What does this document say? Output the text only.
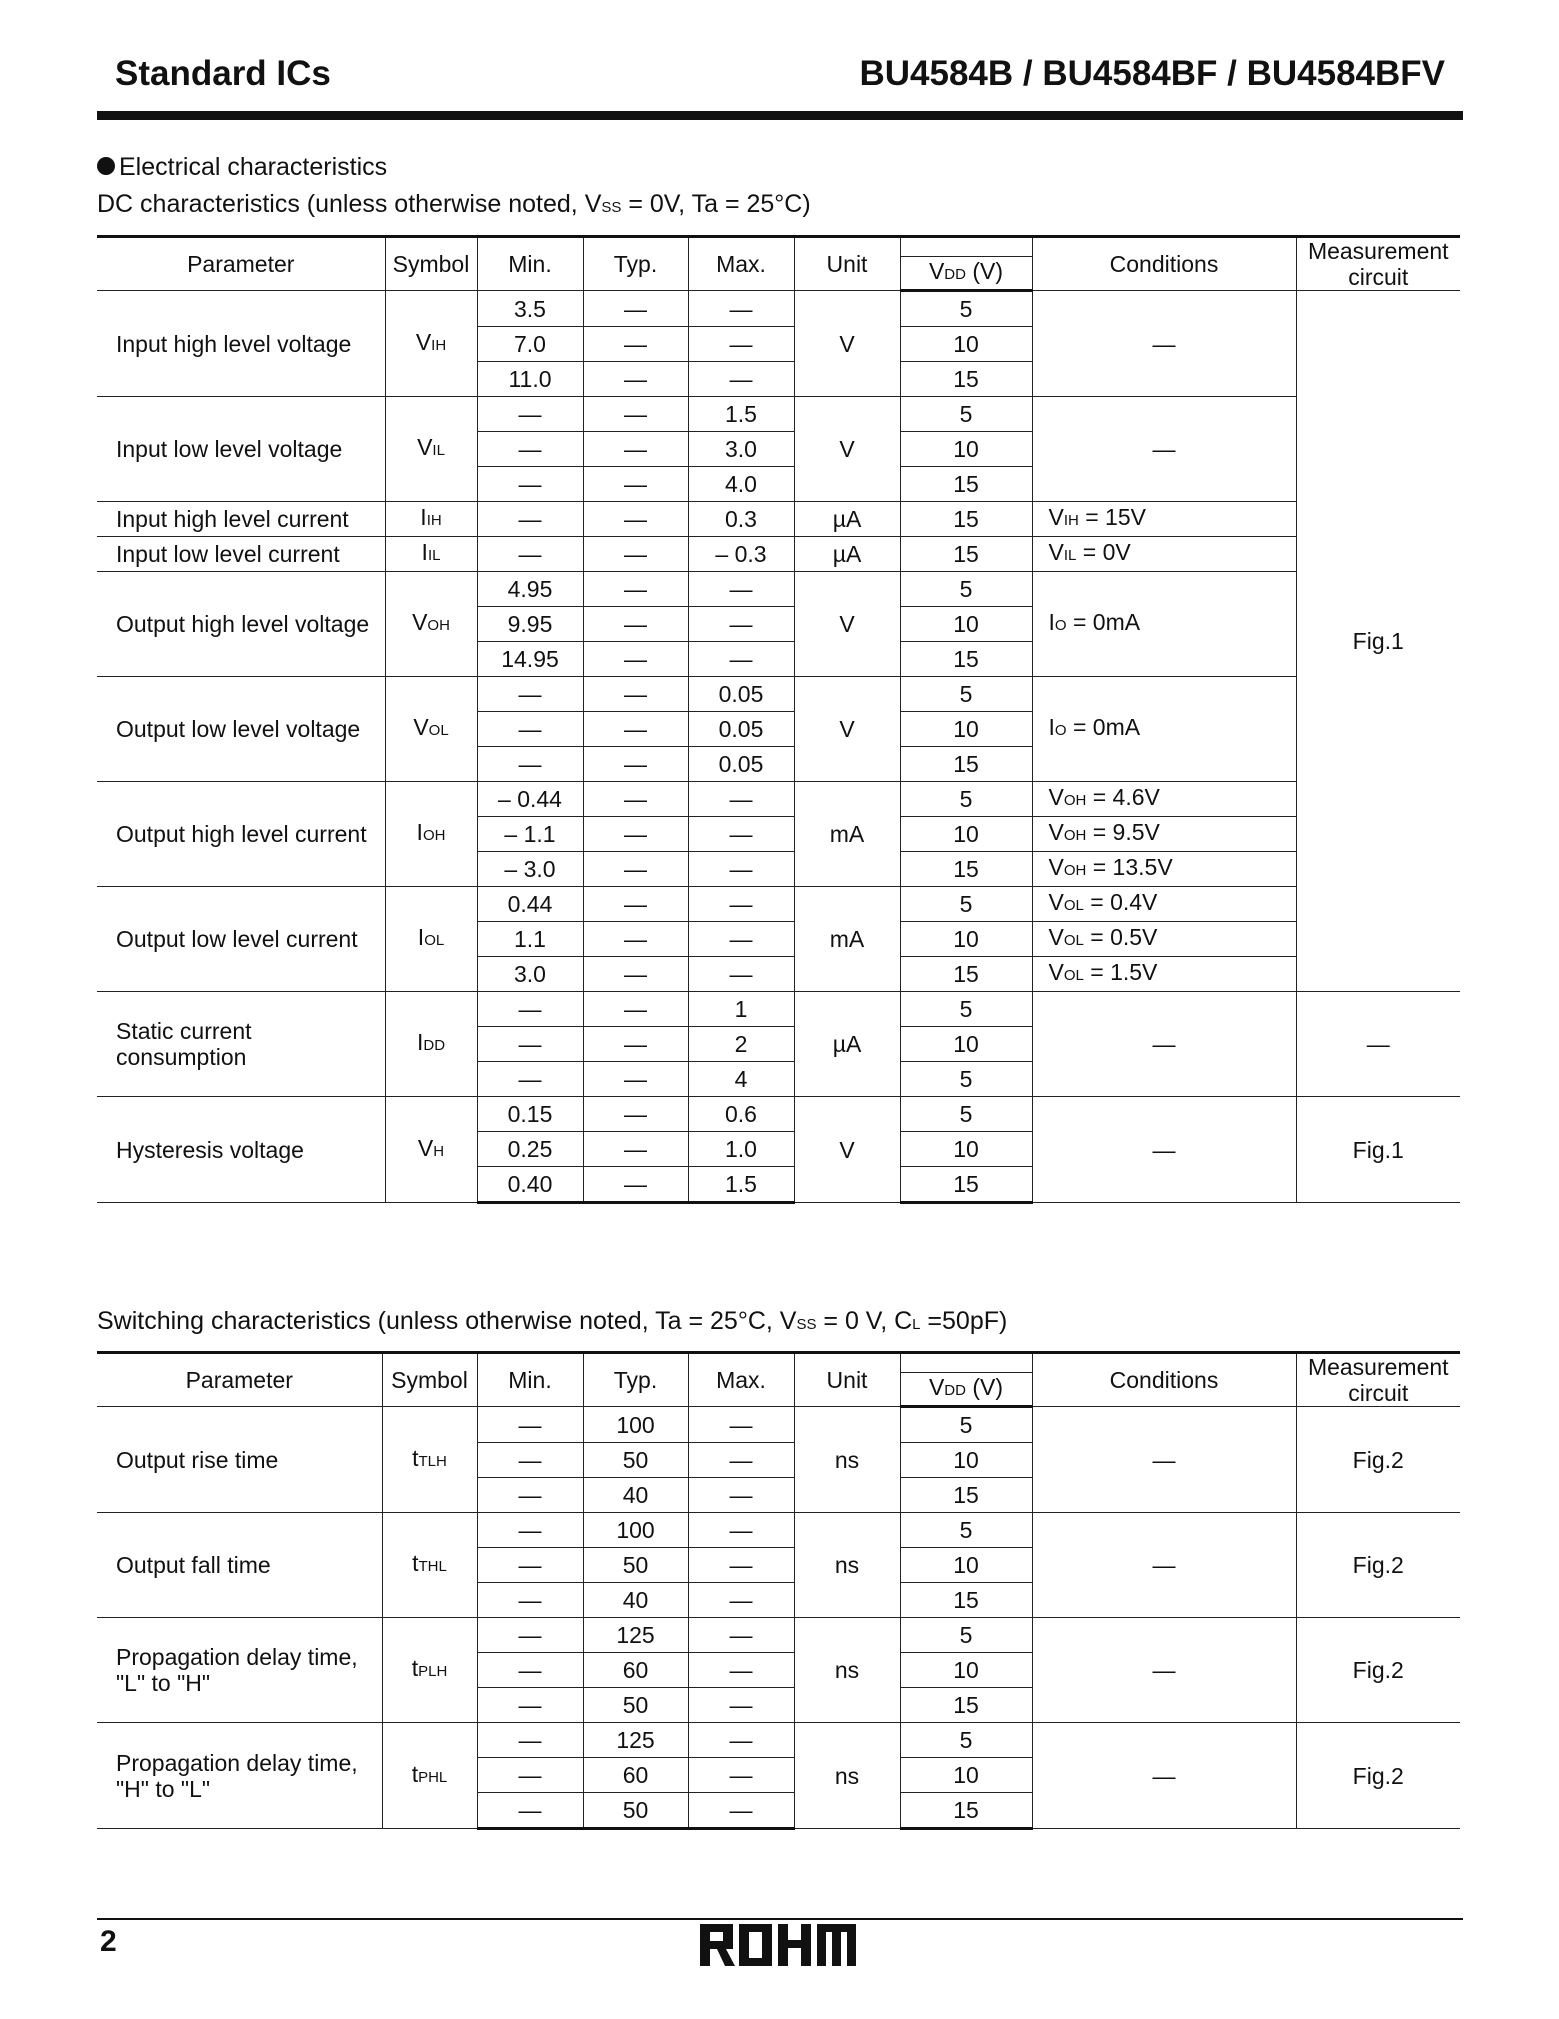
Standard ICs	BU4584B / BU4584BF / BU4584BFV
Electrical characteristics
DC characteristics (unless otherwise noted, VSS = 0V, Ta = 25°C)
Parameter	Symbol	Min.	Typ.	Max.	Unit		Conditions	Measurement
circuit
						VDD (V)		
Input high level voltage	VIH	3.5	—	—	V	5	—	Fig.1
		7.0	—	—		10		
		11.0	—	—		15		
Input low level voltage	VIL	—	—	1.5	V	5	—	
		—	—	3.0		10		
		—	—	4.0		15		
Input high level current	IIH	—	—	0.3	µA	15	VIH = 15V	
Input low level current	IIL	—	—	– 0.3	µA	15	VIL = 0V	
Output high level voltage	VOH	4.95	—	—	V	5	IO = 0mA	
		9.95	—	—		10		
		14.95	—	—		15		
Output low level voltage	VOL	—	—	0.05	V	5	IO = 0mA	
		—	—	0.05		10		
		—	—	0.05		15		
Output high level current	IOH	– 0.44	—	—	mA	5	VOH = 4.6V	
		– 1.1	—	—		10	VOH = 9.5V	
		– 3.0	—	—		15	VOH = 13.5V	
Output low level current	IOL	0.44	—	—	mA	5	VOL = 0.4V	
		1.1	—	—		10	VOL = 0.5V	
		3.0	—	—		15	VOL = 1.5V	
Static current
consumption	IDD	—	—	1	µA	5	—	—
		—	—	2		10		
		—	—	4		5		
Hysteresis voltage	VH	0.15	—	0.6	V	5	—	Fig.1
		0.25	—	1.0		10		
		0.40	—	1.5		15		
Switching characteristics (unless otherwise noted, Ta = 25°C, VSS = 0 V, CL =50pF)
Parameter	Symbol	Min.	Typ.	Max.	Unit		Conditions	Measurement
circuit
						VDD (V)		
Output rise time	tTLH	—	100	—	ns	5	—	Fig.2
		—	50	—		10		
		—	40	—		15		
Output fall time	tTHL	—	100	—	ns	5	—	Fig.2
		—	50	—		10		
		—	40	—		15		
Propagation delay time,
"L" to "H"	tPLH	—	125	—	ns	5	—	Fig.2
		—	60	—		10		
		—	50	—		15		
Propagation delay time,
"H" to "L"	tPHL	—	125	—	ns	5	—	Fig.2
		—	60	—		10		
		—	50	—		15		
2
